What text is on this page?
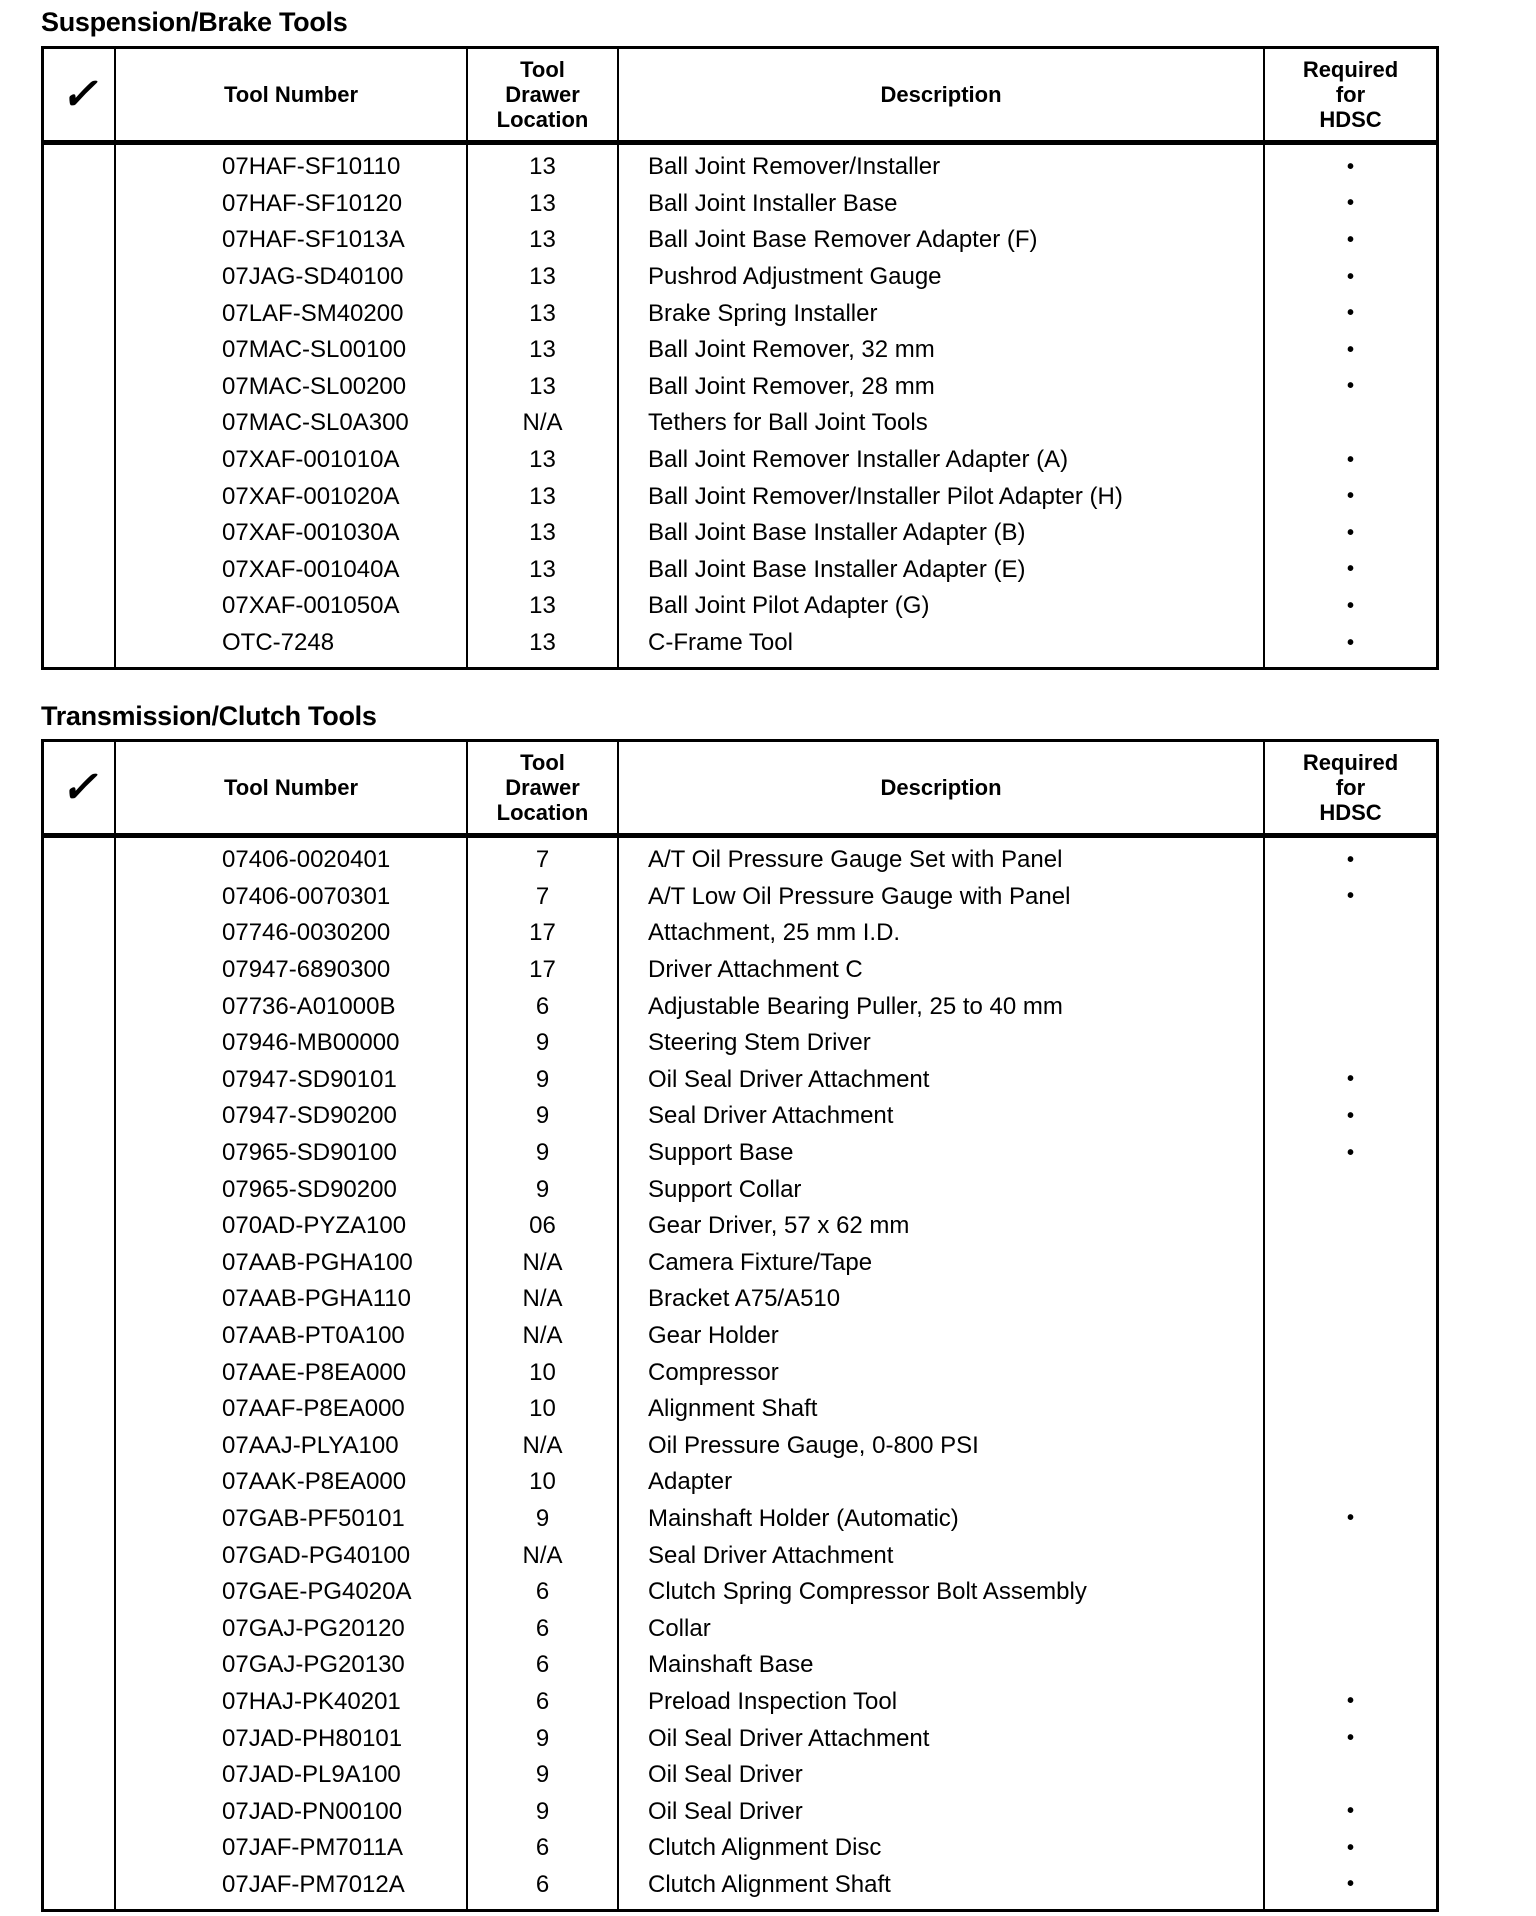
Suspension/Brake Tools
✓	Tool Number
Tool
Drawer
Location
Description
Required
for
HDSC
07HAF-SF10110
07HAF-SF10120
07HAF-SF1013A
07JAG-SD40100
07LAF-SM40200
07MAC-SL00100
07MAC-SL00200
07MAC-SL0A300
07XAF-001010A
07XAF-001020A
07XAF-001030A
07XAF-001040A
07XAF-001050A
OTC-7248
13
13
13
13
13
13
13
N/A
13
13
13
13
13
13
Ball Joint Remover/Installer
Ball Joint Installer Base
Ball Joint Base Remover Adapter (F)
Pushrod Adjustment Gauge
Brake Spring Installer
Ball Joint Remover, 32 mm
Ball Joint Remover, 28 mm
Tethers for Ball Joint Tools
Ball Joint Remover Installer Adapter (A)
Ball Joint Remover/Installer Pilot Adapter (H)
Ball Joint Base Installer Adapter (B)
Ball Joint Base Installer Adapter (E)
Ball Joint Pilot Adapter (G)
C-Frame Tool
•
•
•
•
•
•
•
•
•
•
•
•
•
Transmission/Clutch Tools
✓	Tool Number
Tool
Drawer
Location
Description
Required
for
HDSC
07406-0020401
07406-0070301
07746-0030200
07947-6890300
07736-A01000B
07946-MB00000
07947-SD90101
07947-SD90200
07965-SD90100
07965-SD90200
070AD-PYZA100
07AAB-PGHA100
07AAB-PGHA110
07AAB-PT0A100
07AAE-P8EA000
07AAF-P8EA000
07AAJ-PLYA100
07AAK-P8EA000
07GAB-PF50101
07GAD-PG40100
07GAE-PG4020A
07GAJ-PG20120
07GAJ-PG20130
07HAJ-PK40201
07JAD-PH80101
07JAD-PL9A100
07JAD-PN00100
07JAF-PM7011A
07JAF-PM7012A
7
7
17
17
6
9
9
9
9
9
06
N/A
N/A
N/A
10
10
N/A
10
9
N/A
6
6
6
6
9
9
9
6
6
A/T Oil Pressure Gauge Set with Panel
A/T Low Oil Pressure Gauge with Panel
Attachment, 25 mm I.D.
Driver Attachment C
Adjustable Bearing Puller, 25 to 40 mm
Steering Stem Driver
Oil Seal Driver Attachment
Seal Driver Attachment
Support Base
Support Collar
Gear Driver, 57 x 62 mm
Camera Fixture/Tape
Bracket A75/A510
Gear Holder
Compressor
Alignment Shaft
Oil Pressure Gauge, 0-800 PSI
Adapter
Mainshaft Holder (Automatic)
Seal Driver Attachment
Clutch Spring Compressor Bolt Assembly
Collar
Mainshaft Base
Preload Inspection Tool
Oil Seal Driver Attachment
Oil Seal Driver
Oil Seal Driver
Clutch Alignment Disc
Clutch Alignment Shaft
•
•
•
•
•
•
•
•
•
•
•
